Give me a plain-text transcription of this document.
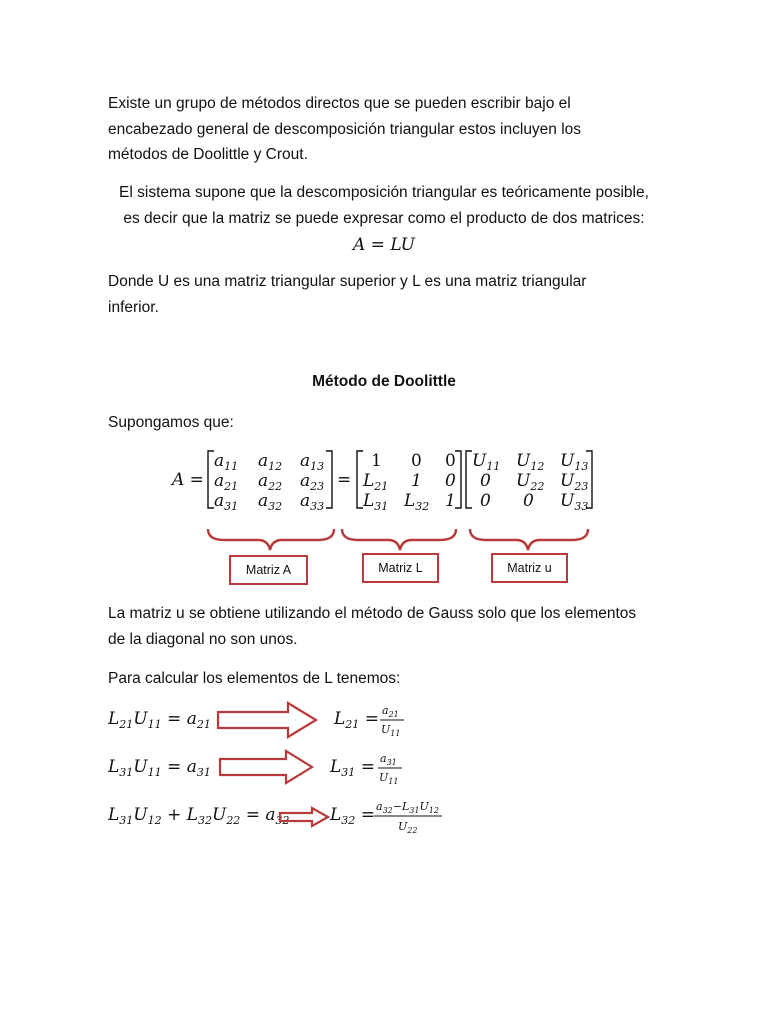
Existe un grupo de métodos directos que se pueden escribir bajo el
encabezado general de descomposición triangular estos incluyen los
métodos de Doolittle y Crout.
El sistema supone que la descomposición triangular es teóricamente posible,
es decir que la matriz se puede expresar como el producto de dos matrices:
A = LU
Donde U es una matriz triangular superior y L es una matriz triangular
inferior.
Método de Doolittle
Supongamos que:
A =
$a_{11}$ $a_{12}$ $a_{13}$
$a_{21}$ $a_{22}$ $a_{23}$
$a_{31}$ $a_{32}$ $a_{33}$
=
1 0 0
$L_{21}$ 1 0
$L_{31}$ $L_{32}$ 1
$U_{11}$ $U_{12}$ $U_{13}$
0 $U_{22}$ $U_{23}$
0 0 $U_{33}$
$L_{21}U_{11} = a_{21}$	$L_{21} = a_{21}$
$U_{11}$
$L_{31}U_{11} = a_{31}$	$L_{31} = a_{31}$
$U_{11}$
$L_{31}U_{12} + L_{32}U_{22} = a_{32}$ $L_{32} = a_{32}-L_{31}U_{12}$
$U_{22}$
Matriz A	Matriz L	Matriz u
La matriz u se obtiene utilizando el método de Gauss solo que los elementos
de la diagonal no son unos.
Para calcular los elementos de L tenemos:
